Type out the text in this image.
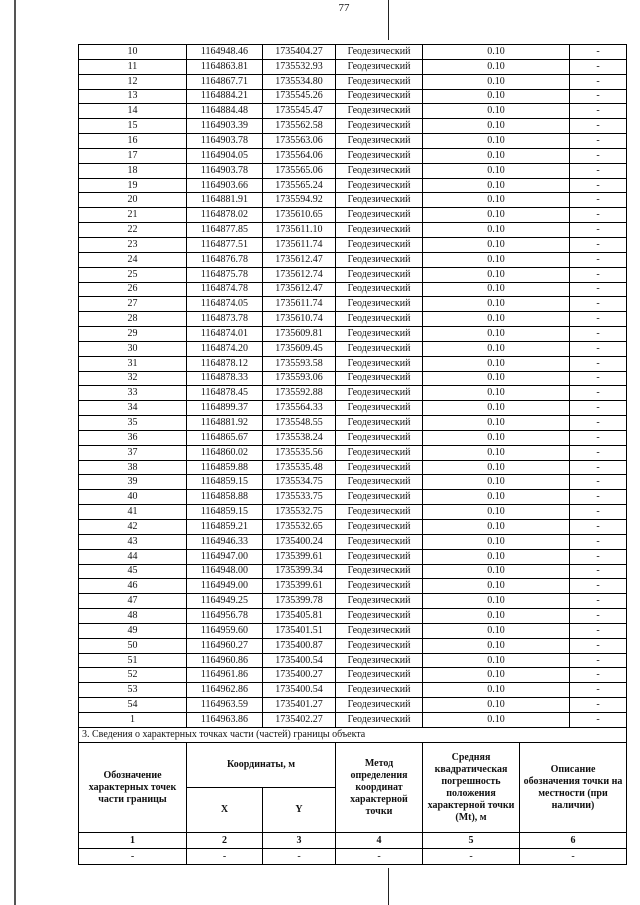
77
10	1164948.46	1735404.27	Геодезический	0.10	-
11	1164863.81	1735532.93	Геодезический	0.10	-
12	1164867.71	1735534.80	Геодезический	0.10	-
13	1164884.21	1735545.26	Геодезический	0.10	-
14	1164884.48	1735545.47	Геодезический	0.10	-
15	1164903.39	1735562.58	Геодезический	0.10	-
16	1164903.78	1735563.06	Геодезический	0.10	-
17	1164904.05	1735564.06	Геодезический	0.10	-
18	1164903.78	1735565.06	Геодезический	0.10	-
19	1164903.66	1735565.24	Геодезический	0.10	-
20	1164881.91	1735594.92	Геодезический	0.10	-
21	1164878.02	1735610.65	Геодезический	0.10	-
22	1164877.85	1735611.10	Геодезический	0.10	-
23	1164877.51	1735611.74	Геодезический	0.10	-
24	1164876.78	1735612.47	Геодезический	0.10	-
25	1164875.78	1735612.74	Геодезический	0.10	-
26	1164874.78	1735612.47	Геодезический	0.10	-
27	1164874.05	1735611.74	Геодезический	0.10	-
28	1164873.78	1735610.74	Геодезический	0.10	-
29	1164874.01	1735609.81	Геодезический	0.10	-
30	1164874.20	1735609.45	Геодезический	0.10	-
31	1164878.12	1735593.58	Геодезический	0.10	-
32	1164878.33	1735593.06	Геодезический	0.10	-
33	1164878.45	1735592.88	Геодезический	0.10	-
34	1164899.37	1735564.33	Геодезический	0.10	-
35	1164881.92	1735548.55	Геодезический	0.10	-
36	1164865.67	1735538.24	Геодезический	0.10	-
37	1164860.02	1735535.56	Геодезический	0.10	-
38	1164859.88	1735535.48	Геодезический	0.10	-
39	1164859.15	1735534.75	Геодезический	0.10	-
40	1164858.88	1735533.75	Геодезический	0.10	-
41	1164859.15	1735532.75	Геодезический	0.10	-
42	1164859.21	1735532.65	Геодезический	0.10	-
43	1164946.33	1735400.24	Геодезический	0.10	-
44	1164947.00	1735399.61	Геодезический	0.10	-
45	1164948.00	1735399.34	Геодезический	0.10	-
46	1164949.00	1735399.61	Геодезический	0.10	-
47	1164949.25	1735399.78	Геодезический	0.10	-
48	1164956.78	1735405.81	Геодезический	0.10	-
49	1164959.60	1735401.51	Геодезический	0.10	-
50	1164960.27	1735400.87	Геодезический	0.10	-
51	1164960.86	1735400.54	Геодезический	0.10	-
52	1164961.86	1735400.27	Геодезический	0.10	-
53	1164962.86	1735400.54	Геодезический	0.10	-
54	1164963.59	1735401.27	Геодезический	0.10	-
1	1164963.86	1735402.27	Геодезический	0.10	-
3. Сведения о характерных точках части (частей) границы объекта					
Обозначение характерных точек части границы	Координаты, м		Метод определения координат характерной точки	Средняя квадратическая погрешность положения характерной точки (Mt), м	Описание обозначения точки на местности (при наличии)
	X	Y			
1	2	3	4	5	6
-	-	-	-	-	-
